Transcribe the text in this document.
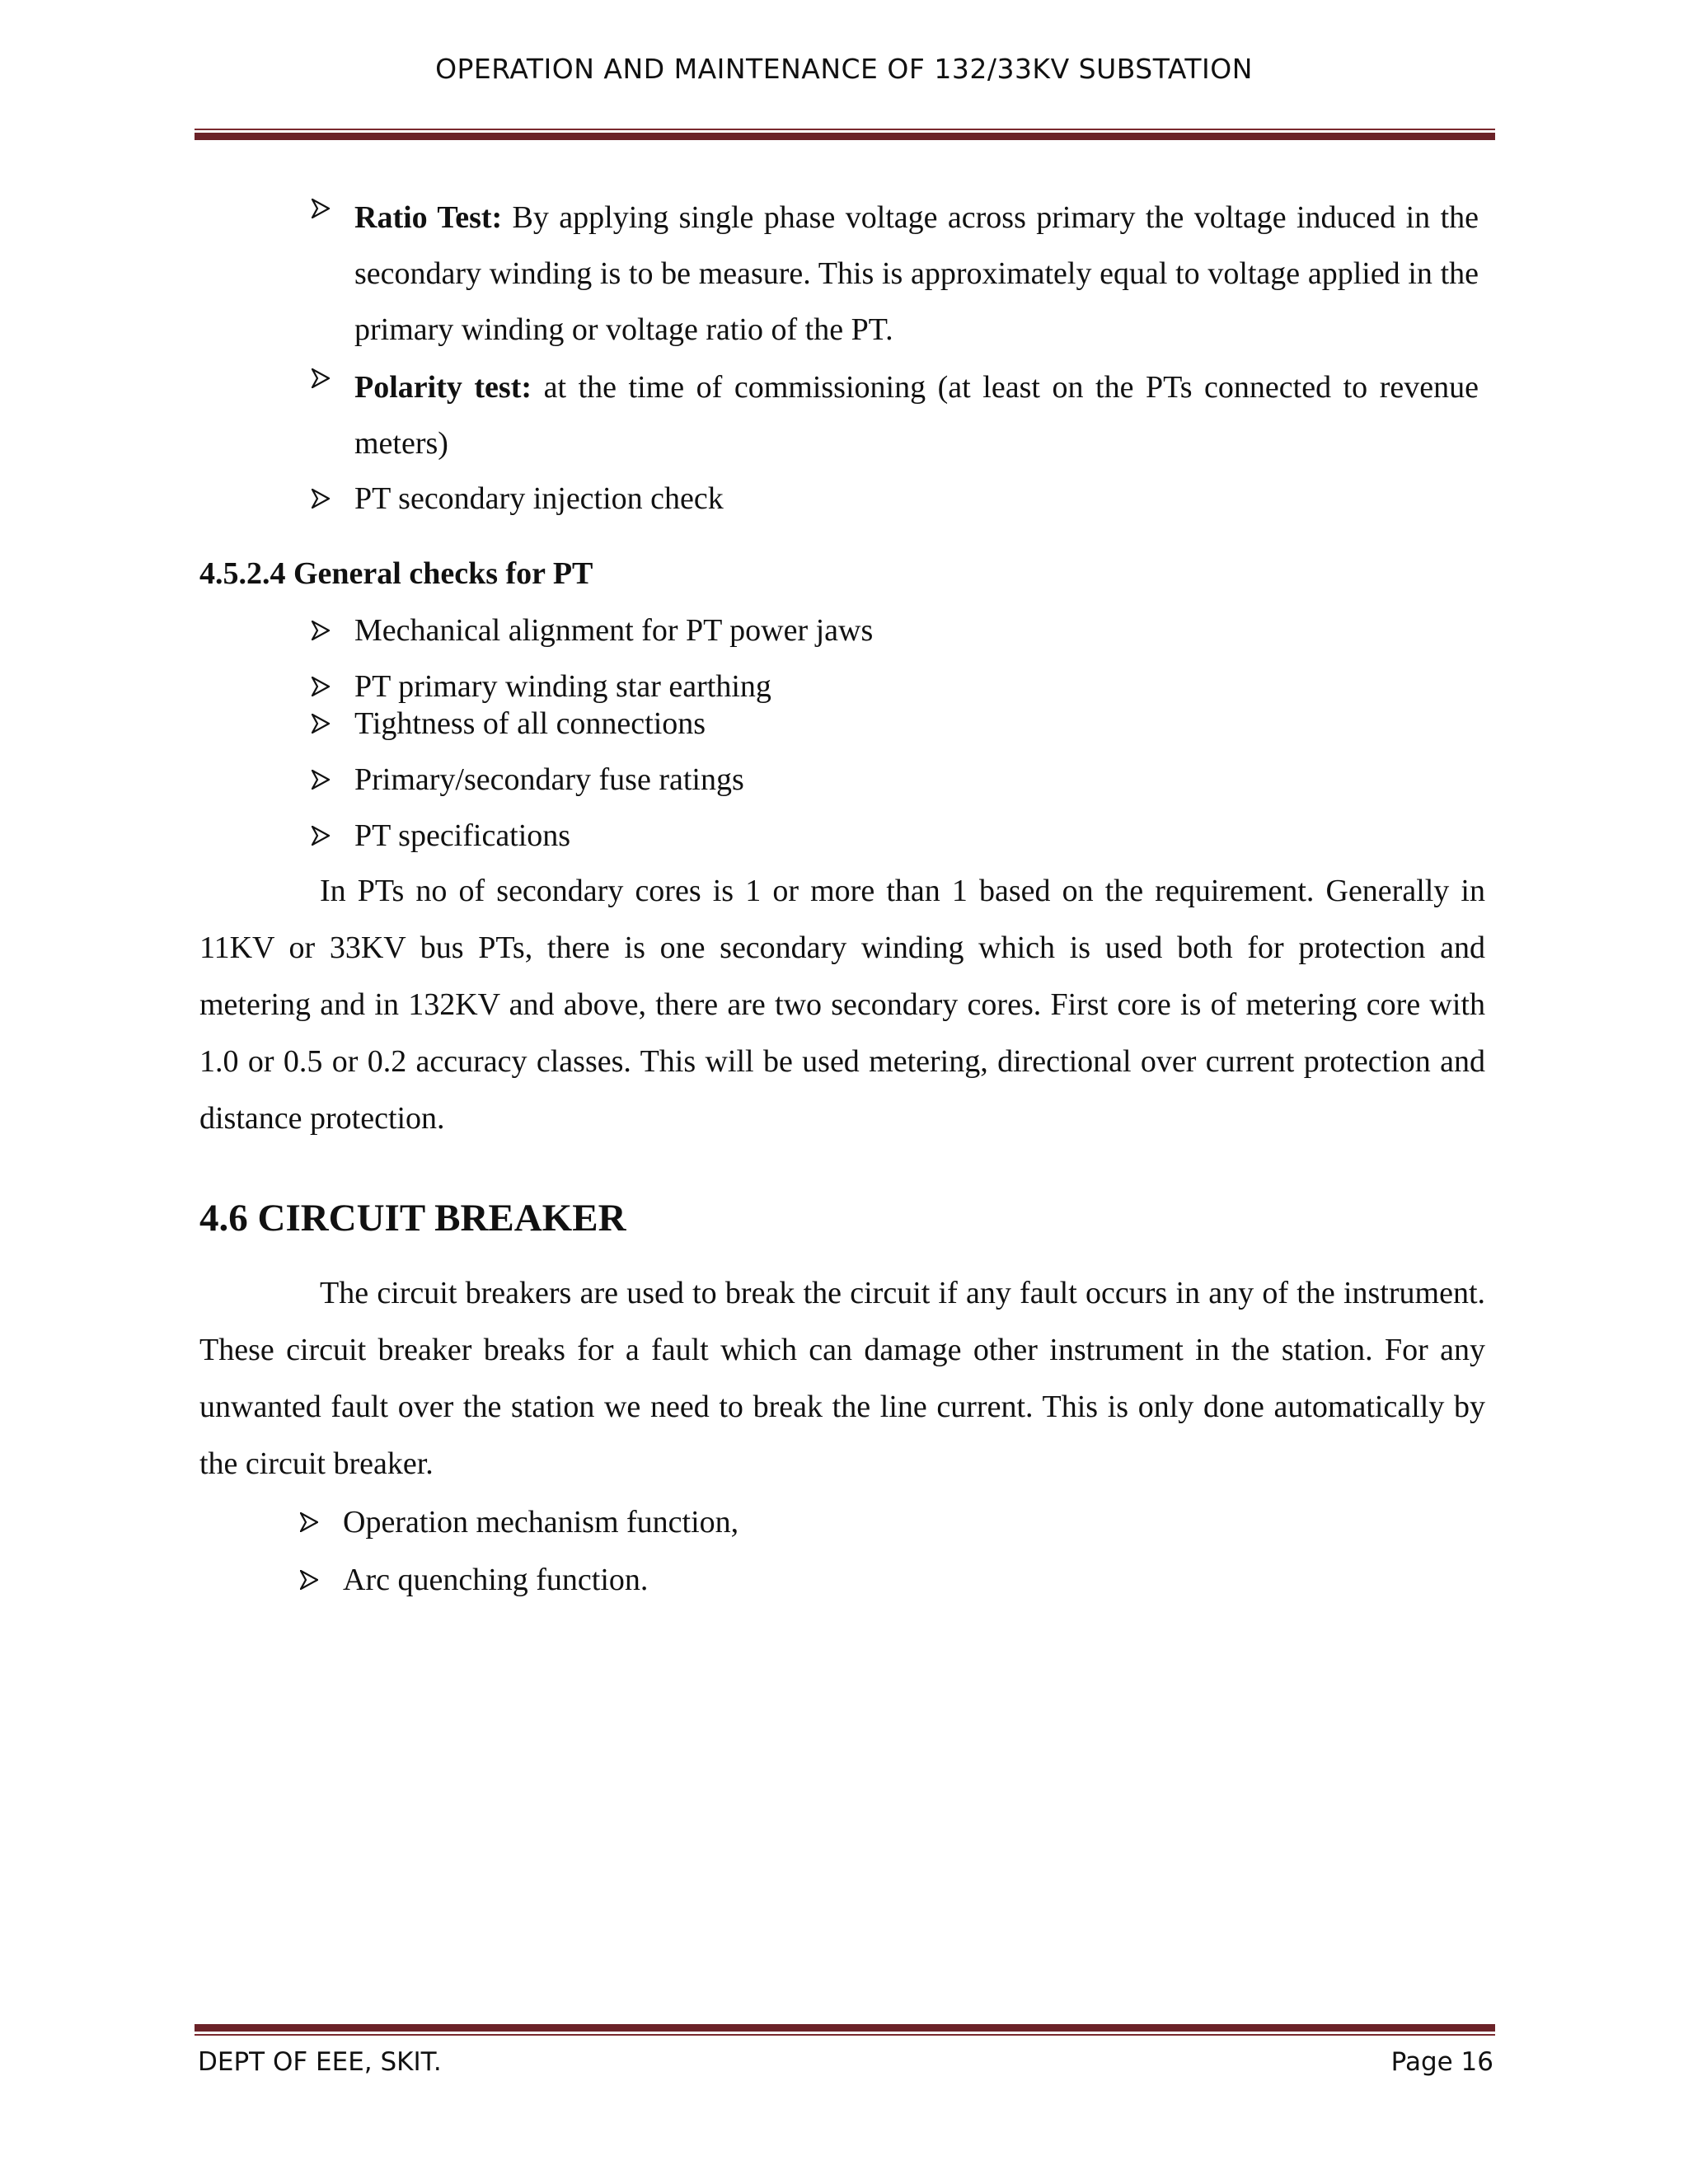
OPERATION AND MAINTENANCE OF 132/33KV SUBSTATION
Ratio Test: By applying single phase voltage across primary the voltage induced in the secondary winding is to be measure. This is approximately equal to voltage applied in the primary winding or voltage ratio of the PT.
Polarity test: at the time of commissioning (at least on the PTs connected to revenue meters)
PT secondary injection check
4.5.2.4 General checks for PT
Mechanical alignment for PT power jaws
PT primary winding star earthing
Tightness of all connections
Primary/secondary fuse ratings
PT specifications
In PTs no of secondary cores is 1 or more than 1 based on the requirement. Generally in 11KV or 33KV bus PTs, there is one secondary winding which is used both for protection and metering and in 132KV and above, there are two secondary cores. First core is of metering core with 1.0 or 0.5 or 0.2 accuracy classes. This will be used metering, directional over current protection and distance protection.
4.6 CIRCUIT BREAKER
The circuit breakers are used to break the circuit if any fault occurs in any of the instrument. These circuit breaker breaks for a fault which can damage other instrument in the station. For any unwanted fault over the station we need to break the line current. This is only done automatically by the circuit breaker.
Operation mechanism function,
Arc quenching function.
DEPT OF EEE, SKIT.	Page 16
